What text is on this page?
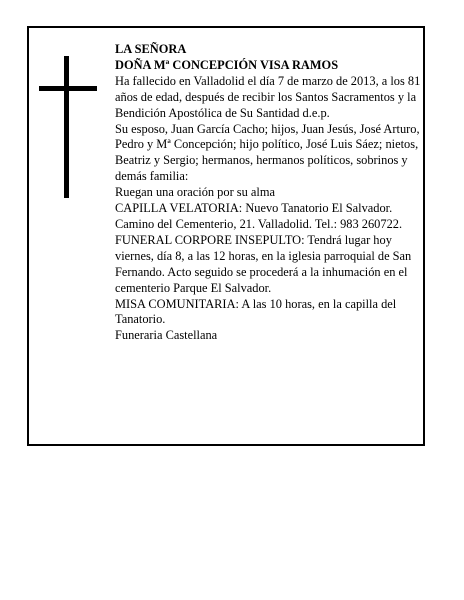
LA SEÑORA

DOÑA Mª CONCEPCIÓN VISA RAMOS

Ha fallecido en Valladolid el día 7 de marzo de 2013, a los 81 años de edad, después de recibir los Santos Sacramentos y la Bendición Apostólica de Su Santidad d.e.p.

Su esposo, Juan García Cacho; hijos, Juan Jesús, José Arturo, Pedro y Mª Concepción; hijo político, José Luis Sáez; nietos, Beatriz y Sergio; hermanos, hermanos políticos, sobrinos y demás familia:

Ruegan una oración por su alma

CAPILLA VELATORIA: Nuevo Tanatorio El Salvador. Camino del Cementerio, 21. Valladolid. Tel.: 983 260722.

FUNERAL CORPORE INSEPULTO: Tendrá lugar hoy viernes, día 8, a las 12 horas, en la iglesia parroquial de San Fernando. Acto seguido se procederá a la inhumación en el cementerio Parque El Salvador.

MISA COMUNITARIA: A las 10 horas, en la capilla del Tanatorio.

Funeraria Castellana
